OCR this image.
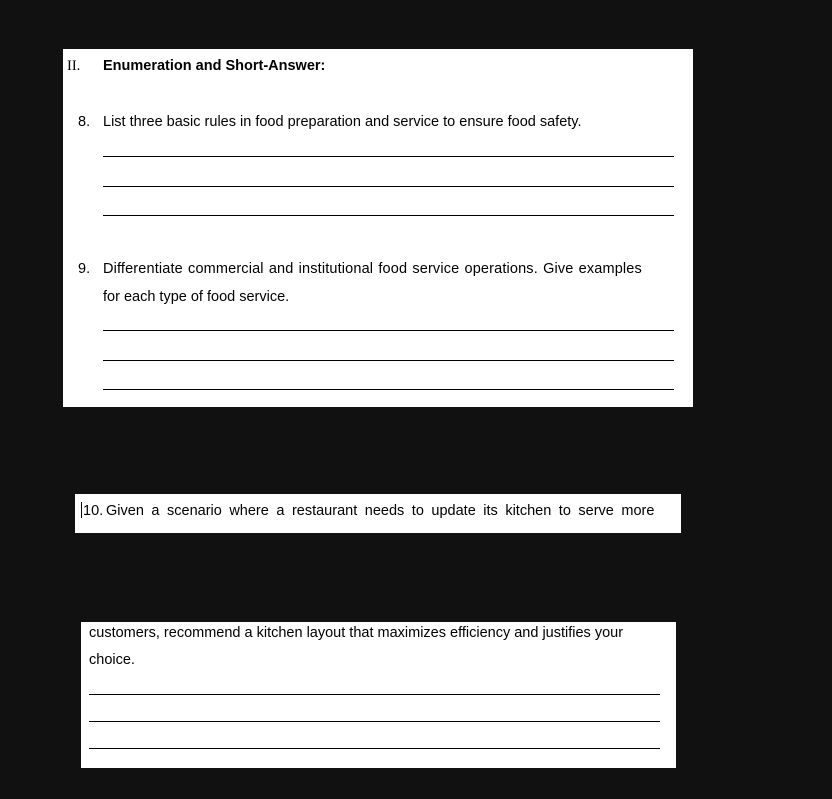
II. Enumeration and Short-Answer:
8. List three basic rules in food preparation and service to ensure food safety.
9. Differentiate commercial and institutional food service operations. Give examples
for each type of food service.
10. Given a scenario where a restaurant needs to update its kitchen to serve more
customers, recommend a kitchen layout that maximizes efficiency and justifies your
choice.
